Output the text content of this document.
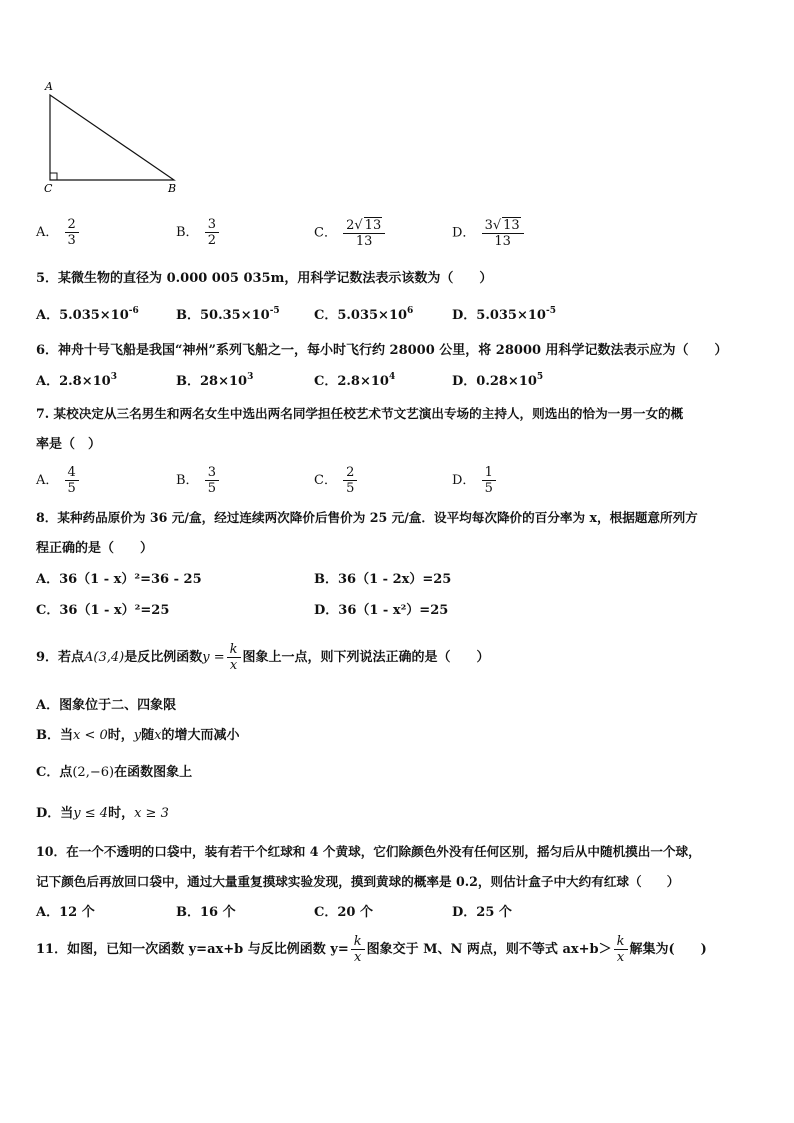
A
C	B
A． $\frac{2}{3}$	B． $\frac{3}{2}$	C． $\frac{2√ 13}{13}$	D． $\frac{3√ 13}{13}$
5．某微生物的直径为 0.000 005 035m，用科学记数法表示该数为（　　）
A．$5.035\times 10^{-6}$	B．$50.35\times 10^{-5}$	C．$5.035\times 10^6$	D．$5.035\times 10^{-5}$
6．神舟十号飞船是我国“神州”系列飞船之一，每小时飞行约 28000 公里，将 28000 用科学记数法表示应为（　　）
A．$2.8\times 10^3$	B．$28\times 10^3$	C．$2.8\times 10^4$	D．$0.28\times 10^5$
7. 某校决定从三名男生和两名女生中选出两名同学担任校艺术节文艺演出专场的主持人，则选出的恰为一男一女的概
率是（　）
A． $\frac{4}{5}$	B． $\frac{3}{5}$	C． $\frac{2}{5}$	D． $\frac{1}{5}$
8．某种药品原价为 36 元/盒，经过连续两次降价后售价为 25 元/盒．设平均每次降价的百分率为 x，根据题意所列方
程正确的是（　　）
A．36（1 - x）²=36 - 25	B．36（1 - 2x）=25
C．36（1 - x）²=25	D．36（1 - x²）=25
9．若点A(3,4)是反比例函数$y = \frac{k}{x}$ 图象上一点，则下列说法正确的是（　　）
A．图象位于二、四象限
B．当x < 0时，y随x的增大而减小
C．点(2,−6)在函数图象上
D．当y ≤ 4时，x ≥ 3
10．在一个不透明的口袋中，装有若干个红球和 4 个黄球，它们除颜色外没有任何区别，摇匀后从中随机摸出一个球，
记下颜色后再放回口袋中，通过大量重复摸球实验发现，摸到黄球的概率是 0.2，则估计盒子中大约有红球（　　）
A．12 个	B．16 个	C．20 个	D．25 个
11．如图，已知一次函数 y=ax+b 与反比例函数 $y= \frac{k}{x}$ 图象交于 M、N 两点，则不等式 $ax+b> \frac{k}{x}$ 解集为(　　)
